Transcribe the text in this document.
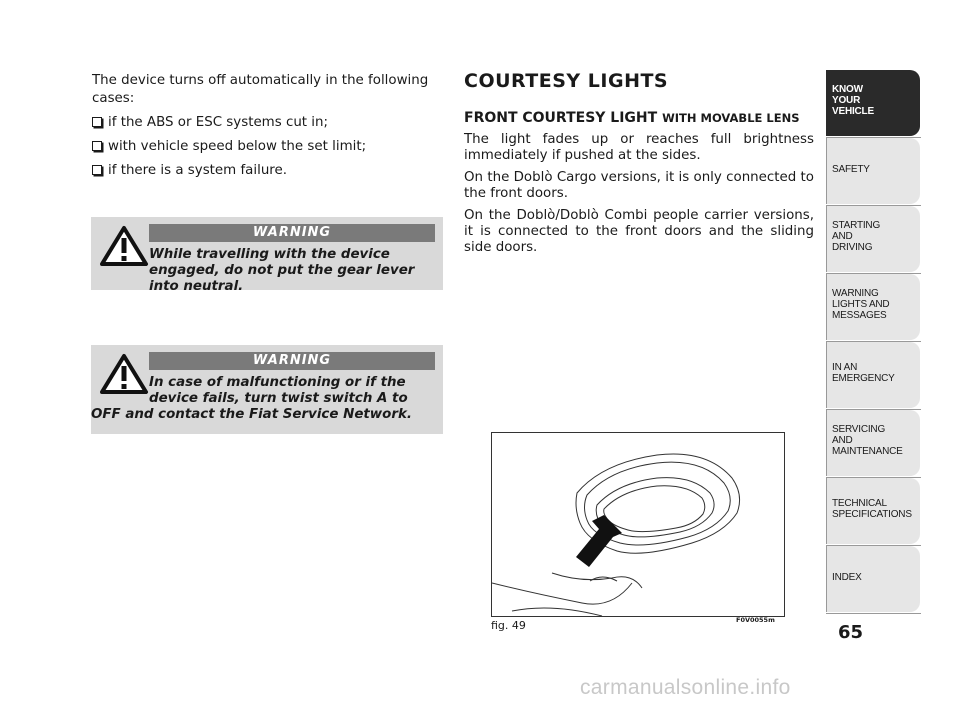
The device turns off automatically in the following cases:

if the ABS or ESC systems cut in;
with vehicle speed below the set limit;
if there is a system failure.
WARNING
While travelling with the device engaged, do not put the gear lever into neutral.
WARNING
In case of malfunctioning or if the device fails, turn twist switch A to OFF and contact the Fiat Service Network.
COURTESY LIGHTS
FRONT COURTESY LIGHT WITH MOVABLE LENS

The light fades up or reaches full brightness immediately if pushed at the sides.

On the Doblò Cargo versions, it is only connected to the front doors.

On the Doblò/Doblò Combi people carrier versions, it is connected to the front doors and the sliding side doors.

fig. 49	F0V0055m
KNOW
YOUR
VEHICLE
SAFETY
STARTING
AND
DRIVING
WARNING
LIGHTS AND
MESSAGES
IN AN
EMERGENCY
SERVICING
AND
MAINTENANCE
TECHNICAL
SPECIFICATIONS
INDEX
65
carmanualsonline.info
